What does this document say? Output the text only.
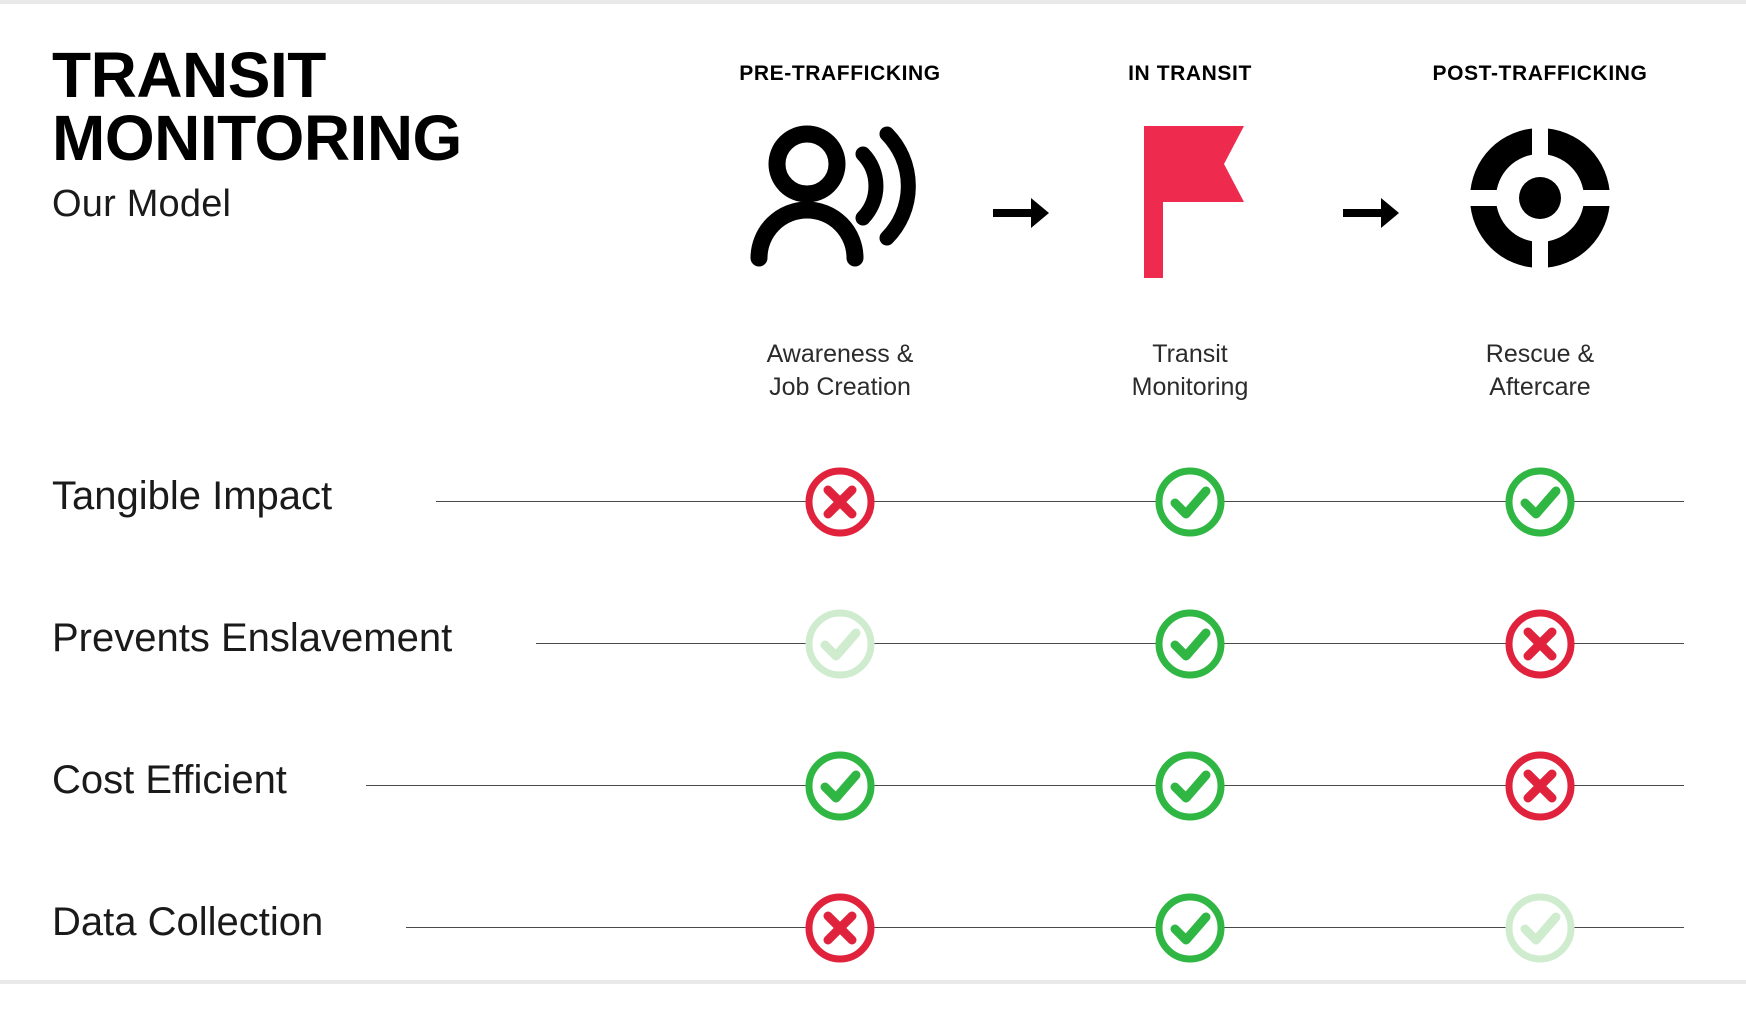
TRANSIT
MONITORING
Our Model
PRE-TRAFFICKING
Awareness &
Job Creation
IN TRANSIT
Transit
Monitoring
POST-TRAFFICKING
Rescue &
Aftercare
Tangible Impact
Prevents Enslavement
Cost Efficient
Data Collection
